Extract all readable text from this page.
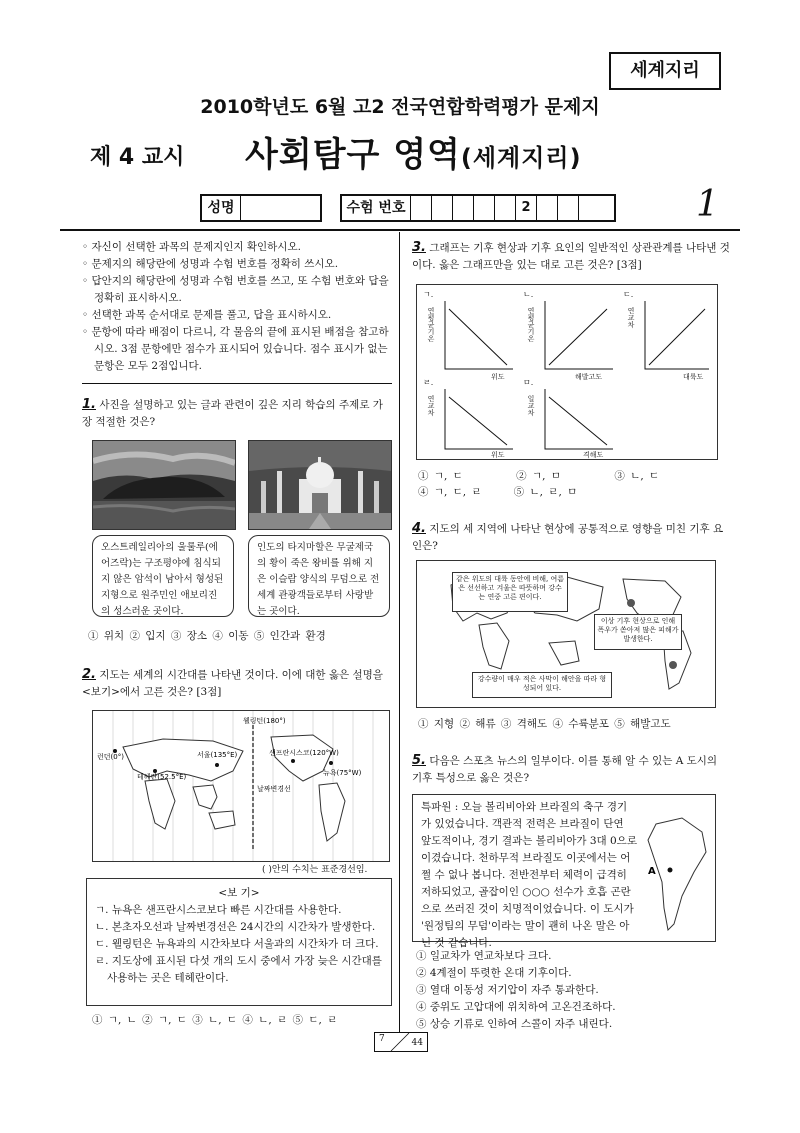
세계지리
2010학년도 6월 고2 전국연합학력평가 문제지
제 4 교시 사회탐구 영역(세계지리)
1
성명	수험 번호	2
◦ 자신이 선택한 과목의 문제지인지 확인하시오.
◦ 문제지의 해당란에 성명과 수험 번호를 정확히 쓰시오.
◦ 답안지의 해당란에 성명과 수험 번호를 쓰고, 또 수험 번호와 답을 정확히 표시하시오.
◦ 선택한 과목 순서대로 문제를 풀고, 답을 표시하시오.
◦ 문항에 따라 배점이 다르니, 각 물음의 끝에 표시된 배점을 참고하시오. 3점 문항에만 점수가 표시되어 있습니다. 점수 표시가 없는 문항은 모두 2점입니다.
1. 사진을 설명하고 있는 글과 관련이 깊은 지리 학습의 주제로 가장 적절한 것은?
오스트레일리아의 울룰루(에어즈락)는 구조평야에 침식되지 않은 암석이 남아서 형성된 지형으로 원주민인 애보리진의 성스러운 곳이다.
인도의 타지마할은 무굴제국의 황이 죽은 왕비를 위해 지은 이슬람 양식의 무덤으로 전 세계 관광객들로부터 사랑받는 곳이다.
① 위치 ② 입지 ③ 장소 ④ 이동 ⑤ 인간과 환경
2. 지도는 세계의 시간대를 나타낸 것이다. 이에 대한 옳은 설명을 <보기>에서 고른 것은? [3점]
런던(0°)
테헤란(52.5°E)
서울(135°E)
웰링턴(180°)
샌프란시스코(120°W)
뉴욕(75°W)
날짜변경선
( )안의 수치는 표준경선임.
<보 기>
ㄱ. 뉴욕은 샌프란시스코보다 빠른 시간대를 사용한다.
ㄴ. 본초자오선과 날짜변경선은 24시간의 시간차가 발생한다.
ㄷ. 웰링턴은 뉴욕과의 시간차보다 서울과의 시간차가 더 크다.
ㄹ. 지도상에 표시된 다섯 개의 도시 중에서 가장 늦은 시간대를 사용하는 곳은 테헤란이다.
① ㄱ, ㄴ ② ㄱ, ㄷ ③ ㄴ, ㄷ ④ ㄴ, ㄹ ⑤ ㄷ, ㄹ
3. 그래프는 기후 현상과 기후 요인의 일반적인 상관관계를 나타낸 것이다. 옳은 그래프만을 있는 대로 고른 것은? [3점]
ㄱ.	ㄴ.	ㄷ.
ㄹ.	ㅁ.
연평균기온	연평균기온	연교차
연교차	일교차
위도	해발고도	대륙도
위도	격해도
① ㄱ, ㄷ          ② ㄱ, ㅁ          ③ ㄴ, ㄷ
④ ㄱ, ㄷ, ㄹ      ⑤ ㄴ, ㄹ, ㅁ
4. 지도의 세 지역에 나타난 현상에 공통적으로 영향을 미친 기후 요인은?
같은 위도의 대륙 동안에 비해, 여름은 선선하고 겨울은 따뜻하며 강수는 연중 고른 편이다.
이상 기후 현상으로 인해 폭우가 쏟아져 많은 피해가 발생한다.
강수량이 매우 적은 사막이 해안을 따라 형성되어 있다.
① 지형 ② 해류 ③ 격해도 ④ 수륙분포 ⑤ 해발고도
5. 다음은 스포츠 뉴스의 일부이다. 이를 통해 알 수 있는 A 도시의 기후 특성으로 옳은 것은?
특파원 : 오늘 볼리비아와 브라질의 축구 경기가 있었습니다. 객관적 전력은 브라질이 단연 앞도적이나, 경기 결과는 볼리비아가 3대 0으로 이겼습니다. 천하무적 브라질도 이곳에서는 어쩔 수 없나 봅니다. 전반전부터 체력이 급격히 저하되었고, 골잡이인 ○○○ 선수가 호흡 곤란으로 쓰러진 것이 치명적이었습니다. 이 도시가 '원정팀의 무덤'이라는 말이 괜히 나온 말은 아닌 것 같습니다.
A
① 일교차가 연교차보다 크다.
② 4계절이 뚜렷한 온대 기후이다.
③ 열대 이동성 저기압이 자주 통과한다.
④ 중위도 고압대에 위치하여 고온건조하다.
⑤ 상승 기류로 인하여 스콜이 자주 내린다.
7	44
